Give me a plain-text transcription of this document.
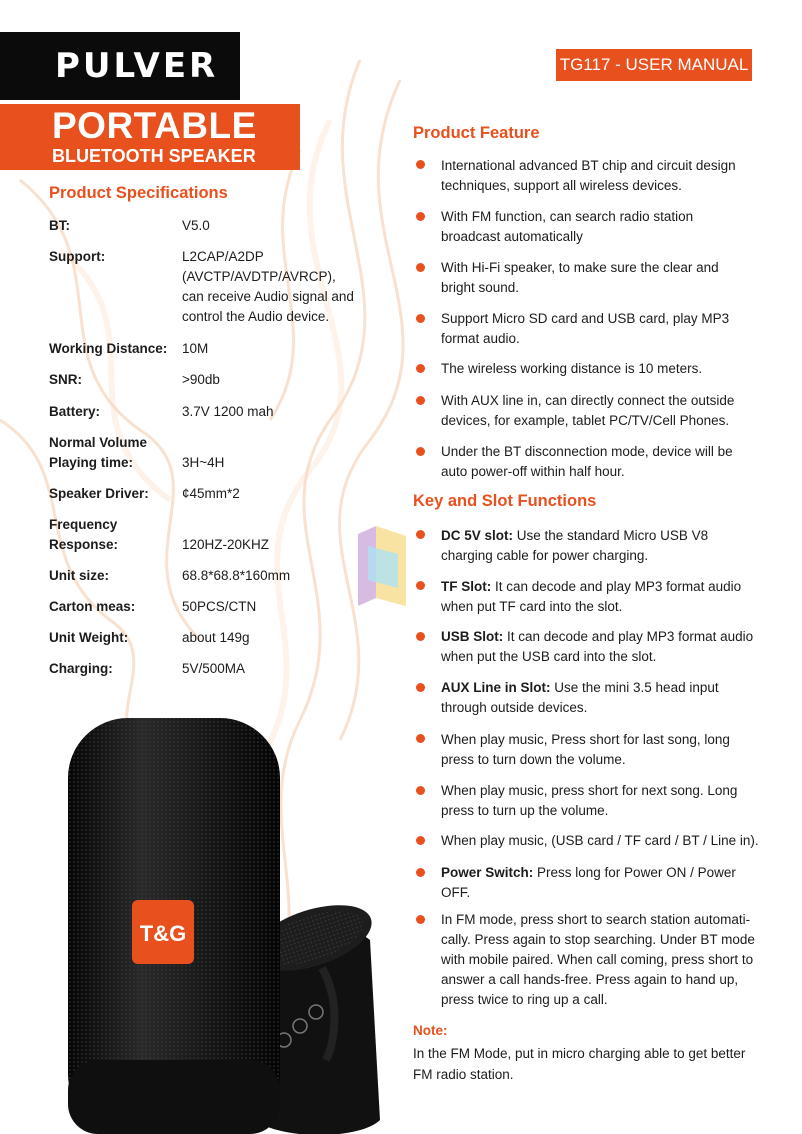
PULVER	TG117 - USER MANUAL
PORTABLE
BLUETOOTH SPEAKER
Product Specifications
BT:	V5.0
Support:	L2CAP/A2DP (AVCTP/AVDTP/AVRCP), can receive Audio signal and control the Audio device.
Working Distance:	10M
SNR:	>90db
Battery:	3.7V 1200 mah
Normal Volume Playing time:	3H~4H
Speaker Driver:	¢45mm*2
Frequency Response:	120HZ-20KHZ
Unit size:	68.8*68.8*160mm
Carton meas:	50PCS/CTN
Unit Weight:	about 149g
Charging:	5V/500MA
T&G
Product Feature
International advanced BT chip and circuit design techniques, support all wireless devices.
With FM function, can search radio station broadcast automatically
With Hi-Fi speaker, to make sure the clear and bright sound.
Support Micro SD card and USB card, play MP3 format audio.
The wireless working distance is 10 meters.
With AUX line in, can directly connect the outside devices, for example, tablet PC/TV/Cell Phones.
Under the BT disconnection mode, device will be auto power-off within half hour.
Key and Slot Functions
DC 5V slot: Use the standard Micro USB V8 charging cable for power charging.
TF Slot: It can decode and play MP3 format audio when put TF card into the slot.
USB Slot: It can decode and play MP3 format audio when put the USB card into the slot.
AUX Line in Slot: Use the mini 3.5 head input through outside devices.
When play music, Press short for last song, long press to turn down the volume.
When play music, press short for next song. Long press to turn up the volume.
When play music, (USB card / TF card / BT / Line in).
Power Switch: Press long for Power ON / Power OFF.
In FM mode, press short to search station automati-cally. Press again to stop searching. Under BT mode with mobile paired. When call coming, press short to answer a call hands-free. Press again to hand up, press twice to ring up a call.
Note:
In the FM Mode, put in micro charging able to get better FM radio station.
